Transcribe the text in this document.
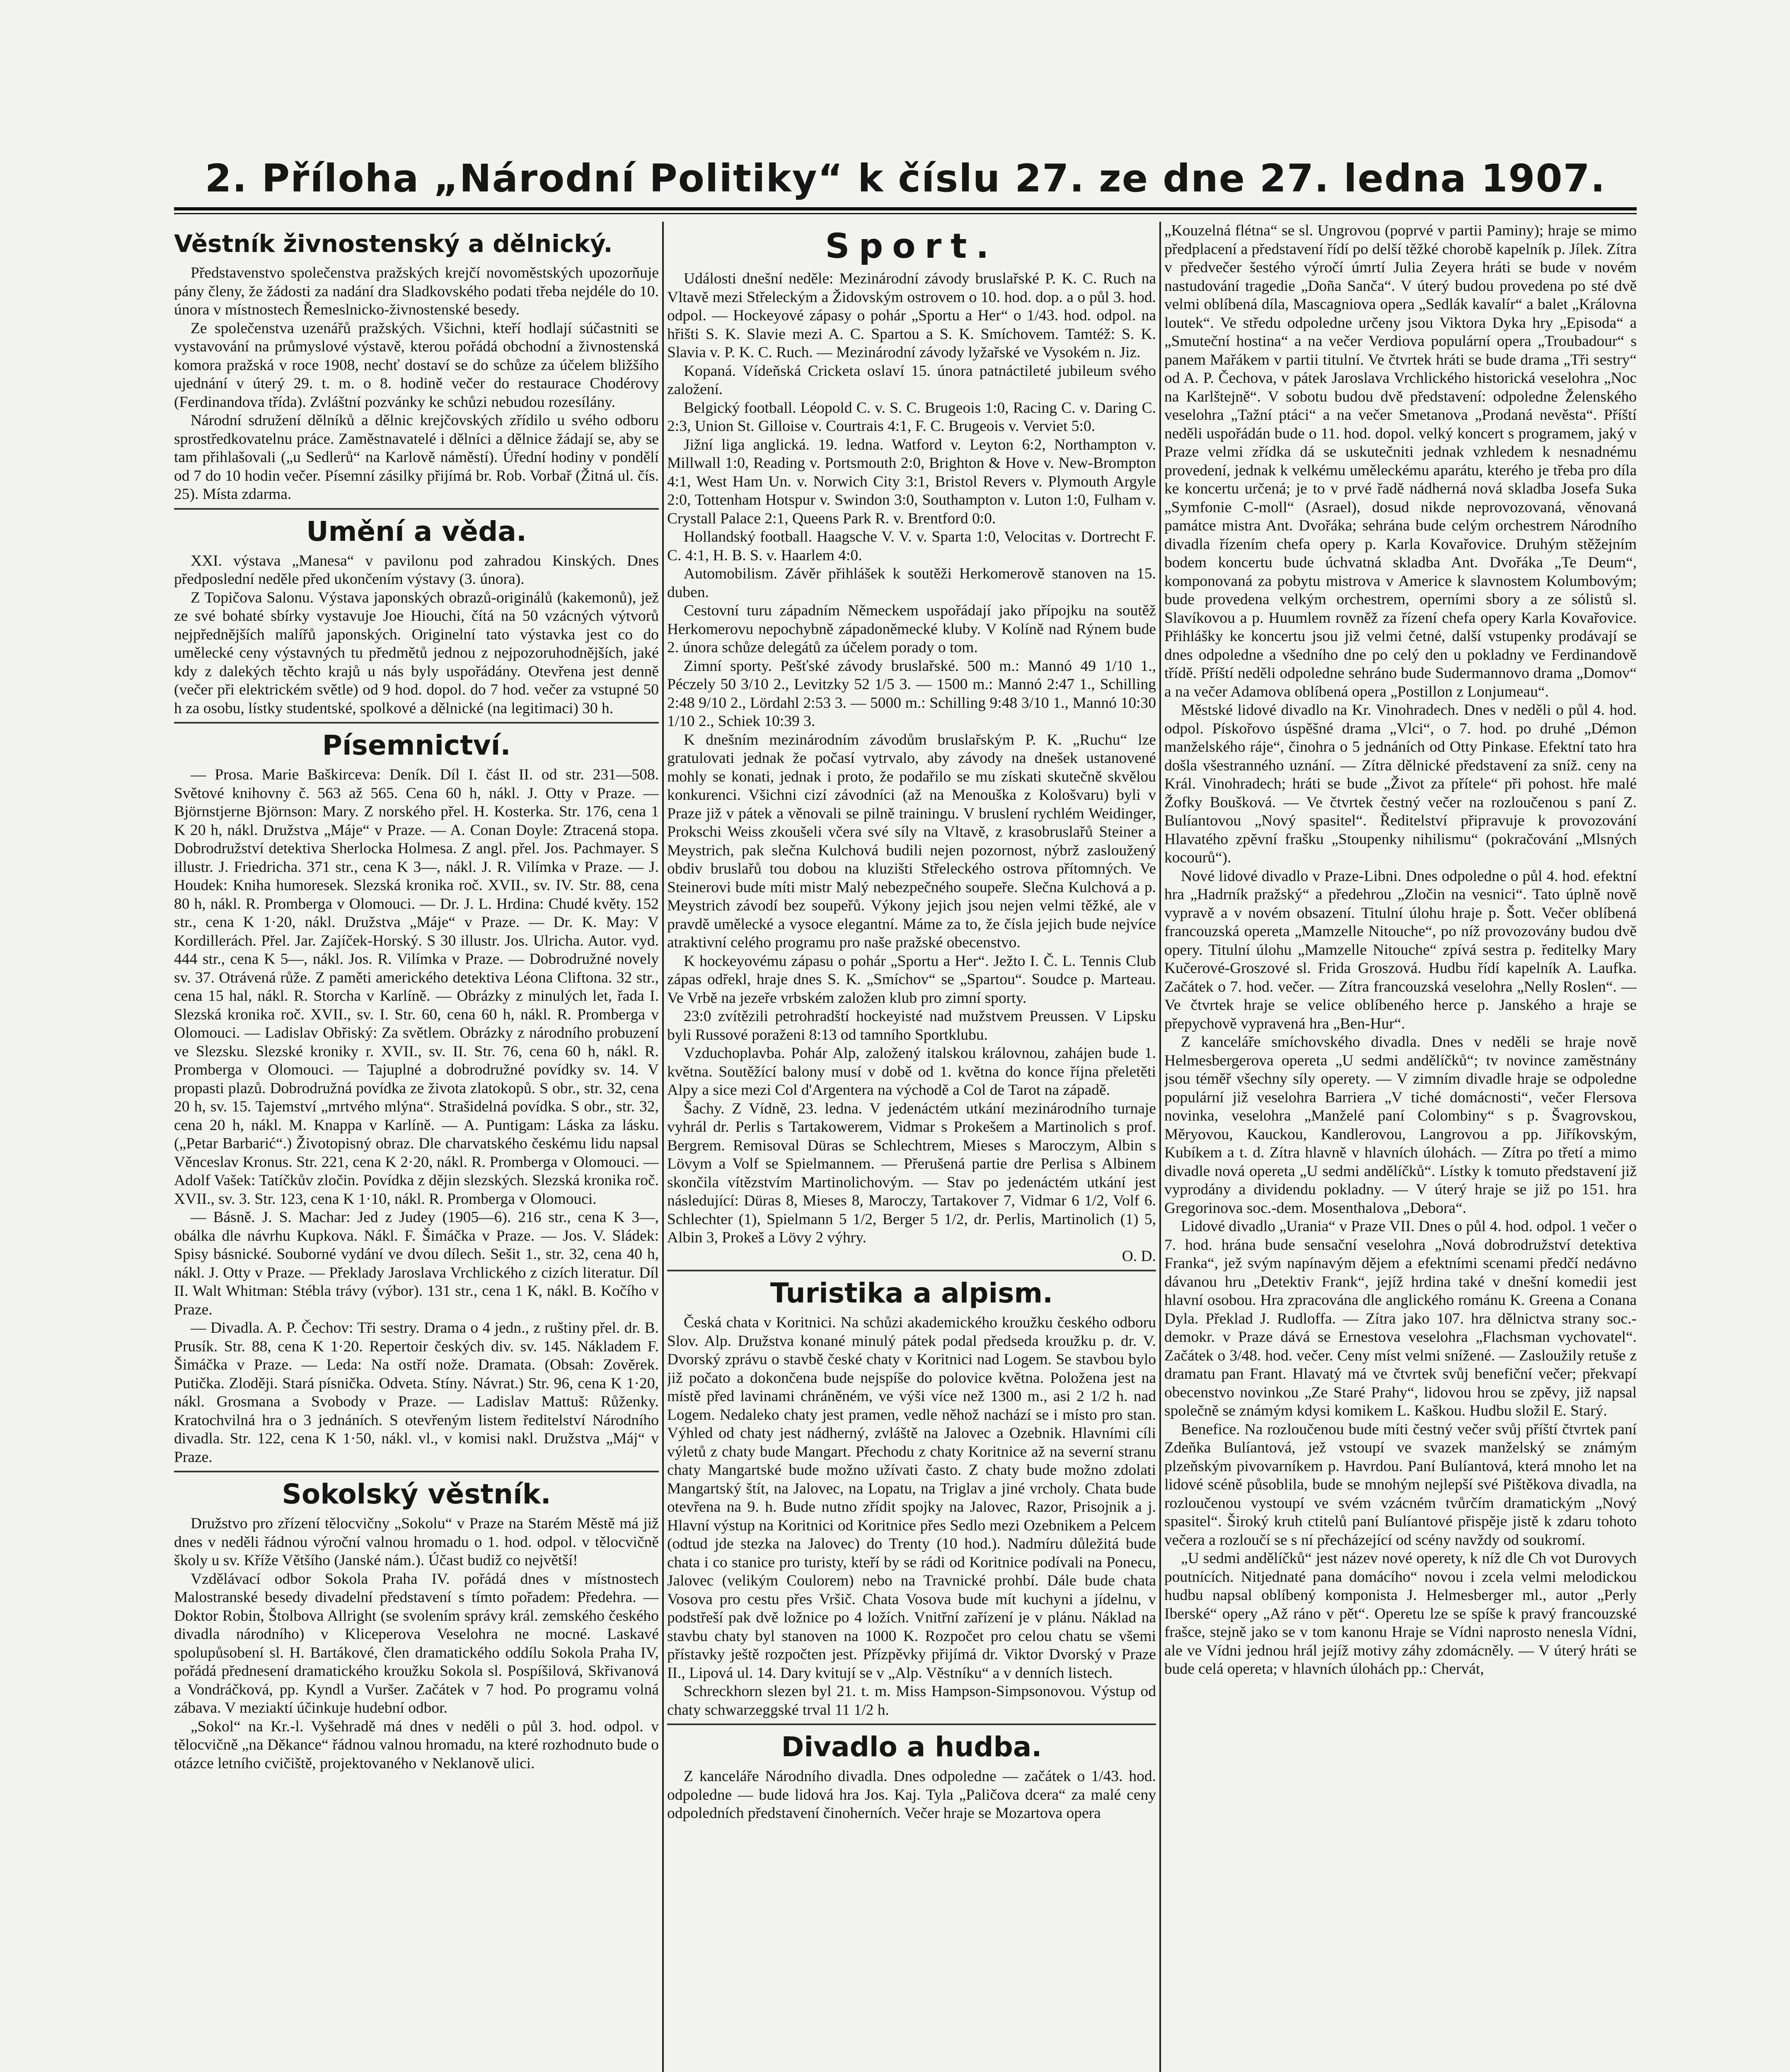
2. Příloha „Národní Politiky“ k číslu 27. ze dne 27. ledna 1907.
Věstník živnostenský a dělnický.

Představenstvo společenstva pražských krejčí novoměstských upozorňuje pány členy, že žádosti za nadání dra Sladkovského podati třeba nejdéle do 10. února v místnostech Řemeslnicko-živnostenské besedy.

Ze společenstva uzenářů pražských. Všichni, kteří hodlají súčastniti se vystavování na průmyslové výstavě, kterou pořádá obchodní a živnostenská komora pražská v roce 1908, nechť dostaví se do schůze za účelem bližšího ujednání v úterý 29. t. m. o 8. hodině večer do restaurace Chodérovy (Ferdinandova třída). Zvláštní pozvánky ke schůzi nebudou rozesílány.

Národní sdružení dělníků a dělnic krejčovských zřídilo u svého odboru sprostředkovatelnu práce. Zaměstnavatelé i dělníci a dělnice žádají se, aby se tam přihlašovali („u Sedlerů“ na Karlově náměstí). Úřední hodiny v pondělí od 7 do 10 hodin večer. Písemní zásilky přijímá br. Rob. Vorbař (Žitná ul. čís. 25). Místa zdarma.

Umění a věda.

XXI. výstava „Manesa“ v pavilonu pod zahradou Kinských. Dnes předposlední neděle před ukončením výstavy (3. února).

Z Topičova Salonu. Výstava japonských obrazů-originálů (kakemonů), jež ze své bohaté sbírky vystavuje Joe Hiouchi, čítá na 50 vzácných výtvorů nejpřednějších malířů japonských. Originelní tato výstavka jest co do umělecké ceny výstavných tu předmětů jednou z nejpozoruhodnějších, jaké kdy z dalekých těchto krajů u nás byly uspořádány. Otevřena jest denně (večer při elektrickém světle) od 9 hod. dopol. do 7 hod. večer za vstupné 50 h za osobu, lístky studentské, spolkové a dělnické (na legitimaci) 30 h.

Písemnictví.

— Prosa. Marie Baškirceva: Deník. Díl I. část II. od str. 231—508. Světové knihovny č. 563 až 565. Cena 60 h, nákl. J. Otty v Praze. — Björnstjerne Björnson: Mary. Z norského přel. H. Kosterka. Str. 176, cena 1 K 20 h, nákl. Družstva „Máje“ v Praze. — A. Conan Doyle: Ztracená stopa. Dobrodružství detektiva Sherlocka Holmesa. Z angl. přel. Jos. Pachmayer. S illustr. J. Friedricha. 371 str., cena K 3—, nákl. J. R. Vilímka v Praze. — J. Houdek: Kniha humoresek. Slezská kronika roč. XVII., sv. IV. Str. 88, cena 80 h, nákl. R. Promberga v Olomouci. — Dr. J. L. Hrdina: Chudé květy. 152 str., cena K 1·20, nákl. Družstva „Máje“ v Praze. — Dr. K. May: V Kordillerách. Přel. Jar. Zajíček-Horský. S 30 illustr. Jos. Ulricha. Autor. vyd. 444 str., cena K 5—, nákl. Jos. R. Vilímka v Praze. — Dobrodružné novely sv. 37. Otrávená růže. Z paměti amerického detektiva Léona Cliftona. 32 str., cena 15 hal, nákl. R. Storcha v Karlíně. — Obrázky z minulých let, řada I. Slezská kronika roč. XVII., sv. I. Str. 60, cena 60 h, nákl. R. Promberga v Olomouci. — Ladislav Obřiský: Za světlem. Obrázky z národního probuzení ve Slezsku. Slezské kroniky r. XVII., sv. II. Str. 76, cena 60 h, nákl. R. Promberga v Olomouci. — Tajuplné a dobrodružné povídky sv. 14. V propasti plazů. Dobrodružná povídka ze života zlatokopů. S obr., str. 32, cena 20 h, sv. 15. Tajemství „mrtvého mlýna“. Strašidelná povídka. S obr., str. 32, cena 20 h, nákl. M. Knappa v Karlíně. — A. Puntigam: Láska za lásku. („Petar Barbarić“.) Životopisný obraz. Dle charvatského českému lidu napsal Věnceslav Kronus. Str. 221, cena K 2·20, nákl. R. Promberga v Olomouci. — Adolf Vašek: Tatíčkův zločin. Povídka z dějin slezských. Slezská kronika roč. XVII., sv. 3. Str. 123, cena K 1·10, nákl. R. Promberga v Olomouci.

— Básně. J. S. Machar: Jed z Judey (1905—6). 216 str., cena K 3—, obálka dle návrhu Kupkova. Nákl. F. Šimáčka v Praze. — Jos. V. Sládek: Spisy básnické. Souborné vydání ve dvou dílech. Sešit 1., str. 32, cena 40 h, nákl. J. Otty v Praze. — Překlady Jaroslava Vrchlického z cizích literatur. Díl II. Walt Whitman: Stébla trávy (výbor). 131 str., cena 1 K, nákl. B. Kočího v Praze.

— Divadla. A. P. Čechov: Tři sestry. Drama o 4 jedn., z ruštiny přel. dr. B. Prusík. Str. 88, cena K 1·20. Repertoir českých div. sv. 145. Nákladem F. Šimáčka v Praze. — Leda: Na ostří nože. Dramata. (Obsah: Zověrek. Putička. Zloději. Stará písnička. Odveta. Stíny. Návrat.) Str. 96, cena K 1·20, nákl. Grosmana a Svobody v Praze. — Ladislav Mattuš: Růženky. Kratochvilná hra o 3 jednáních. S otevřeným listem ředitelství Národního divadla. Str. 122, cena K 1·50, nákl. vl., v komisi nakl. Družstva „Máj“ v Praze.

Sokolský věstník.

Družstvo pro zřízení tělocvičny „Sokolu“ v Praze na Starém Městě má již dnes v neděli řádnou výroční valnou hromadu o 1. hod. odpol. v tělocvičně školy u sv. Kříže Většího (Janské nám.). Účast budiž co největší!

Vzdělávací odbor Sokola Praha IV. pořádá dnes v místnostech Malostranské besedy divadelní představení s tímto pořadem: Předehra. — Doktor Robin, Štolbova Allright (se svolením správy král. zemského českého divadla národního) v Kliceperova Veselohra ne mocné. Laskavé spolupůsobení sl. H. Bartákové, člen dramatického oddílu Sokola Praha IV, pořádá přednesení dramatického kroužku Sokola sl. Pospíšilová, Skřivanová a Vondráčková, pp. Kyndl a Vuršer. Začátek v 7 hod. Po programu volná zábava. V meziaktí účinkuje hudební odbor.

„Sokol“ na Kr.-l. Vyšehradě má dnes v neděli o půl 3. hod. odpol. v tělocvičně „na Děkance“ řádnou valnou hromadu, na které rozhodnuto bude o otázce letního cvičiště, projektovaného v Neklanově ulici.

Sport.

Události dnešní neděle: Mezinárodní závody bruslařské P. K. C. Ruch na Vltavě mezi Střeleckým a Židovským ostrovem o 10. hod. dop. a o půl 3. hod. odpol. — Hockeyové zápasy o pohár „Sportu a Her“ o 1/43. hod. odpol. na hřišti S. K. Slavie mezi A. C. Spartou a S. K. Smíchovem. Tamtéž: S. K. Slavia v. P. K. C. Ruch. — Mezinárodní závody lyžařské ve Vysokém n. Jiz.

Kopaná. Vídeňská Cricketa oslaví 15. února patnáctileté jubileum svého založení.

Belgický football. Léopold C. v. S. C. Brugeois 1:0, Racing C. v. Daring C. 2:3, Union St. Gilloise v. Courtrais 4:1, F. C. Brugeois v. Verviet 5:0.

Jižní liga anglická. 19. ledna. Watford v. Leyton 6:2, Northampton v. Millwall 1:0, Reading v. Portsmouth 2:0, Brighton & Hove v. New-Brompton 4:1, West Ham Un. v. Norwich City 3:1, Bristol Revers v. Plymouth Argyle 2:0, Tottenham Hotspur v. Swindon 3:0, Southampton v. Luton 1:0, Fulham v. Crystall Palace 2:1, Queens Park R. v. Brentford 0:0.

Hollandský football. Haagsche V. V. v. Sparta 1:0, Velocitas v. Dortrecht F. C. 4:1, H. B. S. v. Haarlem 4:0.

Automobilism. Závěr přihlášek k soutěži Herkomerově stanoven na 15. duben.

Cestovní turu západním Německem uspořádají jako přípojku na soutěž Herkomerovu nepochybně západoněmecké kluby. V Kolíně nad Rýnem bude 2. února schůze delegátů za účelem porady o tom.

Zimní sporty. Pešťské závody bruslařské. 500 m.: Mannó 49 1/10 1., Péczely 50 3/10 2., Levitzky 52 1/5 3. — 1500 m.: Mannó 2:47 1., Schilling 2:48 9/10 2., Lördahl 2:53 3. — 5000 m.: Schilling 9:48 3/10 1., Mannó 10:30 1/10 2., Schiek 10:39 3.

K dnešním mezinárodním závodům bruslařským P. K. „Ruchu“ lze gratulovati jednak že počasí vytrvalo, aby závody na dnešek ustanovené mohly se konati, jednak i proto, že podařilo se mu získati skutečně skvělou konkurenci. Všichni cizí závodníci (až na Menouška z Kološvaru) byli v Praze již v pátek a věnovali se pilně trainingu. V bruslení rychlém Weidinger, Prokschi Weiss zkoušeli včera své síly na Vltavě, z krasobruslařů Steiner a Meystrich, pak slečna Kulchová budili nejen pozornost, nýbrž zasloužený obdiv bruslařů tou dobou na kluzišti Střeleckého ostrova přítomných. Ve Steinerovi bude míti mistr Malý nebezpečného soupeře. Slečna Kulchová a p. Meystrich závodí bez soupeřů. Výkony jejich jsou nejen velmi těžké, ale v pravdě umělecké a vysoce elegantní. Máme za to, že čísla jejich bude nejvíce atraktivní celého programu pro naše pražské obecenstvo.

K hockeyovému zápasu o pohár „Sportu a Her“. Ježto I. Č. L. Tennis Club zápas odřekl, hraje dnes S. K. „Smíchov“ se „Spartou“. Soudce p. Marteau. Ve Vrbě na jezeře vrbském založen klub pro zimní sporty.

23:0 zvítězili petrohradští hockeyisté nad mužstvem Preussen. V Lipsku byli Russové poraženi 8:13 od tamního Sportklubu.

Vzduchoplavba. Pohár Alp, založený italskou královnou, zahájen bude 1. května. Soutěžící balony musí v době od 1. května do konce října přeletěti Alpy a sice mezi Col d'Argentera na východě a Col de Tarot na západě.

Šachy. Z Vídně, 23. ledna. V jedenáctém utkání mezinárodního turnaje vyhrál dr. Perlis s Tartakowerem, Vidmar s Prokešem a Martinolich s prof. Bergrem. Remisoval Düras se Schlechtrem, Mieses s Maroczym, Albin s Lövym a Volf se Spielmannem. — Přerušená partie dre Perlisa s Albinem skončila vítězstvím Martinolichovým. — Stav po jedenáctém utkání jest následující: Düras 8, Mieses 8, Maroczy, Tartakover 7, Vidmar 6 1/2, Volf 6. Schlechter (1), Spielmann 5 1/2, Berger 5 1/2, dr. Perlis, Martinolich (1) 5, Albin 3, Prokeš a Lövy 2 výhry.

O. D.

Turistika a alpism.

Česká chata v Koritnici. Na schůzi akademického kroužku českého odboru Slov. Alp. Družstva konané minulý pátek podal předseda kroužku p. dr. V. Dvorský zprávu o stavbě české chaty v Koritnici nad Logem. Se stavbou bylo již počato a dokončena bude nejspíše do polovice května. Položena jest na místě před lavinami chráněném, ve výši více než 1300 m., asi 2 1/2 h. nad Logem. Nedaleko chaty jest pramen, vedle něhož nachází se i místo pro stan. Výhled od chaty jest nádherný, zvláště na Jalovec a Ozebnik. Hlavními cíli výletů z chaty bude Mangart. Přechodu z chaty Koritnice až na severní stranu chaty Mangartské bude možno užívati často. Z chaty bude možno zdolati Mangartský štít, na Jalovec, na Lopatu, na Triglav a jiné vrcholy. Chata bude otevřena na 9. h. Bude nutno zřídit spojky na Jalovec, Razor, Prisojnik a j. Hlavní výstup na Koritnici od Koritnice přes Sedlo mezi Ozebnikem a Pelcem (odtud jde stezka na Jalovec) do Trenty (10 hod.). Nadmíru důležitá bude chata i co stanice pro turisty, kteří by se rádi od Koritnice podívali na Ponecu, Jalovec (velikým Coulorem) nebo na Travnické prohbí. Dále bude chata Vosova pro cestu přes Vršič. Chata Vosova bude mít kuchyni a jídelnu, v podstřeší pak dvě ložnice po 4 ložích. Vnitřní zařízení je v plánu. Náklad na stavbu chaty byl stanoven na 1000 K. Rozpočet pro celou chatu se všemi přístavky ještě rozpočten jest. Přízpěvky přijímá dr. Viktor Dvorský v Praze II., Lipová ul. 14. Dary kvitují se v „Alp. Věstníku“ a v denních listech.

Schreckhorn slezen byl 21. t. m. Miss Hampson-Simpsonovou. Výstup od chaty schwarzeggské trval 11 1/2 h.

Divadlo a hudba.

Z kanceláře Národního divadla. Dnes odpoledne — začátek o 1/43. hod. odpoledne — bude lidová hra Jos. Kaj. Tyla „Paličova dcera“ za malé ceny odpoledních představení činoherních. Večer hraje se Mozartova opera

„Kouzelná flétna“ se sl. Ungrovou (poprvé v partii Paminy); hraje se mimo předplacení a představení řídí po delší těžké chorobě kapelník p. Jílek. Zítra v předvečer šestého výročí úmrtí Julia Zeyera hráti se bude v novém nastudování tragedie „Doña Sanča“. V úterý budou provedena po sté dvě velmi oblíbená díla, Mascagniova opera „Sedlák kavalír“ a balet „Královna loutek“. Ve středu odpoledne určeny jsou Viktora Dyka hry „Episoda“ a „Smuteční hostina“ a na večer Verdiova populární opera „Troubadour“ s panem Mařákem v partii titulní. Ve čtvrtek hráti se bude drama „Tři sestry“ od A. P. Čechova, v pátek Jaroslava Vrchlického historická veselohra „Noc na Karlštejně“. V sobotu budou dvě představení: odpoledne Želenského veselohra „Tažní ptáci“ a na večer Smetanova „Prodaná nevěsta“. Příští neděli uspořádán bude o 11. hod. dopol. velký koncert s programem, jaký v Praze velmi zřídka dá se uskutečniti jednak vzhledem k nesnadnému provedení, jednak k velkému uměleckému aparátu, kterého je třeba pro díla ke koncertu určená; je to v prvé řadě nádherná nová skladba Josefa Suka „Symfonie C-moll“ (Asrael), dosud nikde neprovozovaná, věnovaná památce mistra Ant. Dvořáka; sehrána bude celým orchestrem Národního divadla řízením chefa opery p. Karla Kovařovice. Druhým stěžejním bodem koncertu bude úchvatná skladba Ant. Dvořáka „Te Deum“, komponovaná za pobytu mistrova v Americe k slavnostem Kolumbovým; bude provedena velkým orchestrem, operními sbory a ze sólistů sl. Slavíkovou a p. Huumlem rovněž za řízení chefa opery Karla Kovařovice. Přihlášky ke koncertu jsou již velmi četné, další vstupenky prodávají se dnes odpoledne a všedního dne po celý den u pokladny ve Ferdinandově třídě. Příští neděli odpoledne sehráno bude Sudermannovo drama „Domov“ a na večer Adamova oblíbená opera „Postillon z Lonjumeau“.

Městské lidové divadlo na Kr. Vinohradech. Dnes v neděli o půl 4. hod. odpol. Pískořovo úspěšné drama „Vlci“, o 7. hod. po druhé „Démon manželského ráje“, činohra o 5 jednáních od Otty Pinkase. Efektní tato hra došla všestranného uznání. — Zítra dělnické představení za sníž. ceny na Král. Vinohradech; hráti se bude „Život za přítele“ při pohost. hře malé Žofky Boušková. — Ve čtvrtek čestný večer na rozloučenou s paní Z. Bulíantovou „Nový spasitel“. Ředitelství připravuje k provozování Hlavatého zpěvní frašku „Stoupenky nihilismu“ (pokračování „Mlsných kocourů“).

Nové lidové divadlo v Praze-Libni. Dnes odpoledne o půl 4. hod. efektní hra „Hadrník pražský“ a předehrou „Zločin na vesnici“. Tato úplně nově vypravě a v novém obsazení. Titulní úlohu hraje p. Šott. Večer oblíbená francouzská opereta „Mamzelle Nitouche“, po níž provozovány budou dvě opery. Titulní úlohu „Mamzelle Nitouche“ zpívá sestra p. ředitelky Mary Kučerové-Groszové sl. Frida Groszová. Hudbu řídí kapelník A. Laufka. Začátek o 7. hod. večer. — Zítra francouzská veselohra „Nelly Roslen“. — Ve čtvrtek hraje se velice oblíbeného herce p. Janského a hraje se přepychově vypravená hra „Ben-Hur“.

Z kanceláře smíchovského divadla. Dnes v neděli se hraje nově Helmesbergerova opereta „U sedmi andělíčků“; tv novince zaměstnány jsou téměř všechny síly operety. — V zimním divadle hraje se odpoledne populární již veselohra Barriera „V tiché domácnosti“, večer Flersova novinka, veselohra „Manželé paní Colombiny“ s p. Švagrovskou, Měryovou, Kauckou, Kandlerovou, Langrovou a pp. Jiříkovským, Kubíkem a t. d. Zítra hlavně v hlavních úlohách. — Zítra po třetí a mimo divadle nová opereta „U sedmi andělíčků“. Lístky k tomuto představení již vyprodány a dividendu pokladny. — V úterý hraje se již po 151. hra Gregorinova soc.-dem. Mosenthalova „Debora“.

Lidové divadlo „Urania“ v Praze VII. Dnes o půl 4. hod. odpol. 1 večer o 7. hod. hrána bude sensační veselohra „Nová dobrodružství detektiva Franka“, jež svým napínavým dějem a efektními scenami předčí nedávno dávanou hru „Detektiv Frank“, jejíž hrdina také v dnešní komedii jest hlavní osobou. Hra zpracována dle anglického románu K. Greena a Conana Dyla. Překlad J. Rudloffa. — Zítra jako 107. hra dělnictva strany soc.-demokr. v Praze dává se Ernestova veselohra „Flachsman vychovatel“. Začátek o 3/48. hod. večer. Ceny míst velmi snížené. — Zasloužily retuše z dramatu pan Frant. Hlavatý má ve čtvrtek svůj benefiční večer; překvapí obecenstvo novinkou „Ze Staré Prahy“, lidovou hrou se zpěvy, již napsal společně se známým kdysi komikem L. Kaškou. Hudbu složil E. Starý.

Benefice. Na rozloučenou bude míti čestný večer svůj příští čtvrtek paní Zdeňka Bulíantová, jež vstoupí ve svazek manželský se známým plzeňským pivovarníkem p. Havrdou. Paní Bulíantová, která mnoho let na lidové scéně působlila, bude se mnohým nejlepší své Pištěkova divadla, na rozloučenou vystoupí ve svém vzácném tvůrčím dramatickým „Nový spasitel“. Široký kruh ctitelů paní Bulíantové přispěje jistě k zdaru tohoto večera a rozloučí se s ní přecházející od scény navždy od soukromí.

„U sedmi andělíčků“ jest název nové operety, k níž dle Ch vot Durovych poutnících. Nitjednaté pana domácího“ novou i zcela velmi melodickou hudbu napsal oblíbený komponista J. Helmesberger ml., autor „Perly Iberské“ opery „Až ráno v pět“. Operetu lze se spíše k pravý francouzské frašce, stejně jako se v tom kanonu Hraje se Vídni naprosto nenesla Vídni, ale ve Vídni jednou hrál jejíž motivy záhy zdomácněly. — V úterý hráti se bude celá opereta; v hlavních úlohách pp.: Chervát,
